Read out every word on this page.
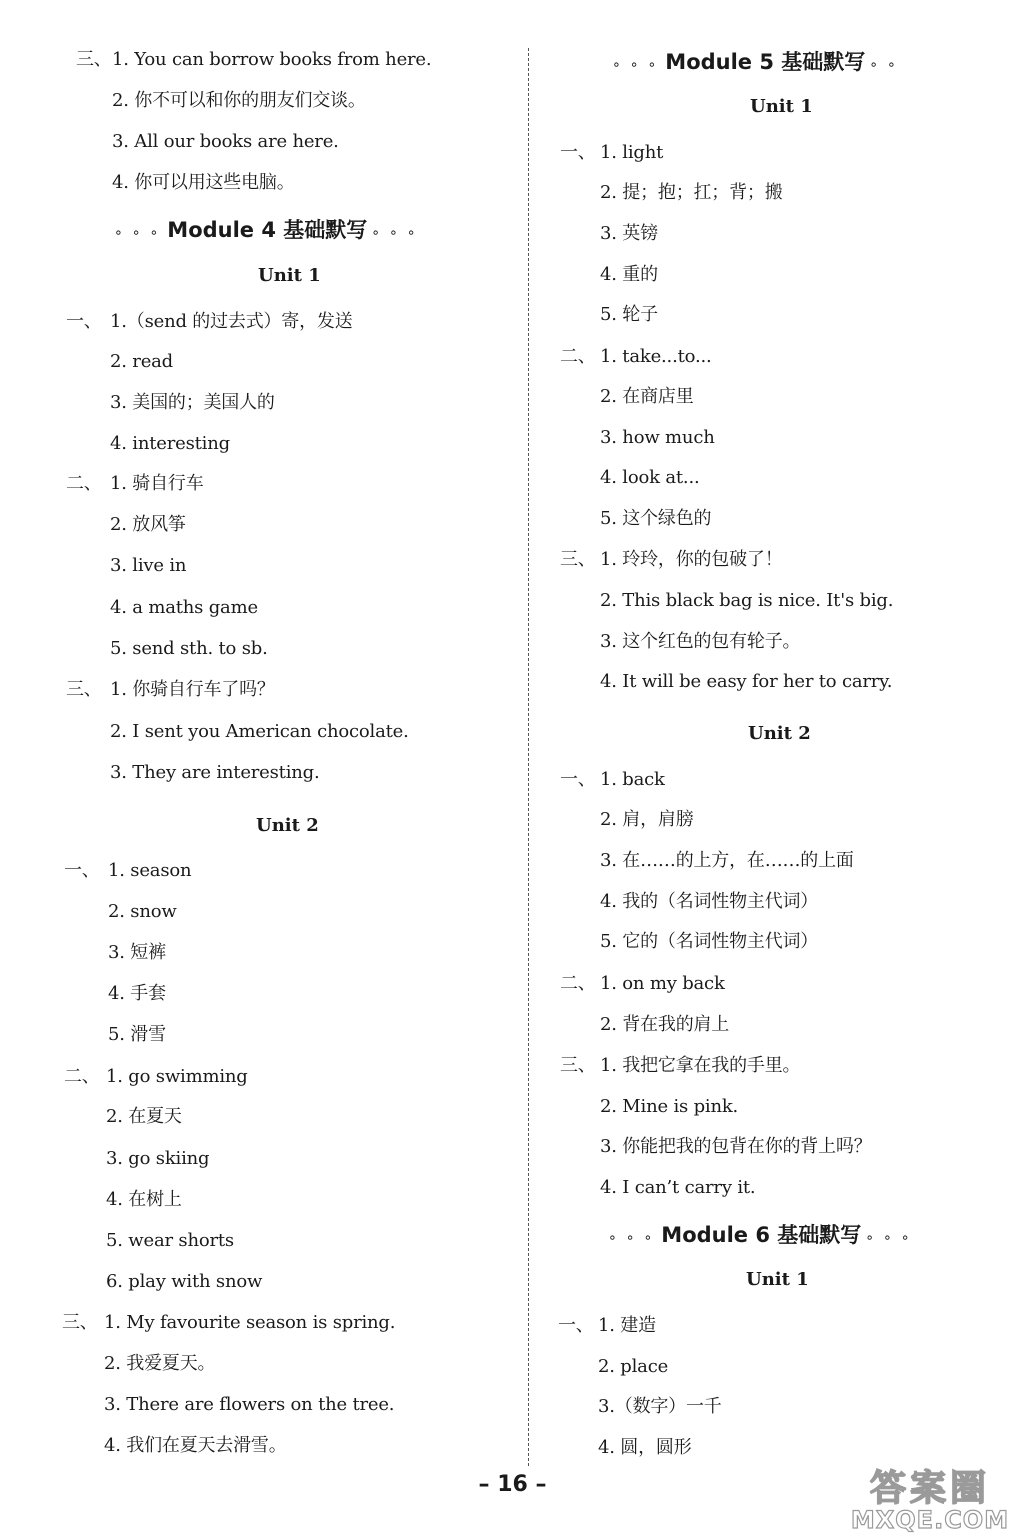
三、 1. You can borrow books from here.
2. 你不可以和你的朋友们交谈。
3. All our books are here.
4. 你可以用这些电脑。
∘∘∘Module 4 基础默写 ∘∘∘
Unit 1
一、 1.（send 的过去式）寄，发送
2. read
3. 美国的；美国人的
4. interesting
二、 1. 骑自行车
2. 放风筝
3. live in
4. a maths game
5. send sth. to sb.
三、 1. 你骑自行车了吗？
2. I sent you American chocolate.
3. They are interesting.
Unit 2
一、 1. season
2. snow
3. 短裤
4. 手套
5. 滑雪
二、 1. go swimming
2. 在夏天
3. go skiing
4. 在树上
5. wear shorts
6. play with snow
三、 1. My favourite season is spring.
2. 我爱夏天。
3. There are flowers on the tree.
4. 我们在夏天去滑雪。
∘∘∘Module 5 基础默写 ∘∘
Unit 1
一、 1. light
2. 提；抱；扛；背；搬
3. 英镑
4. 重的
5. 轮子
二、 1. take...to...
2. 在商店里
3. how much
4. look at...
5. 这个绿色的
三、 1. 玲玲，你的包破了！
2. This black bag is nice. It's big.
3. 这个红色的包有轮子。
4. It will be easy for her to carry.
Unit 2
一、 1. back
2. 肩，肩膀
3. 在……的上方，在……的上面
4. 我的（名词性物主代词）
5. 它的（名词性物主代词）
二、 1. on my back
2. 背在我的肩上
三、 1. 我把它拿在我的手里。
2. Mine is pink.
3. 你能把我的包背在你的背上吗？
4. I can’t carry it.
∘∘∘Module 6 基础默写 ∘∘∘
Unit 1
一、 1. 建造
2. place
3.（数字）一千
4. 圆，圆形
– 16 –	答案圈
MXQE.COM
